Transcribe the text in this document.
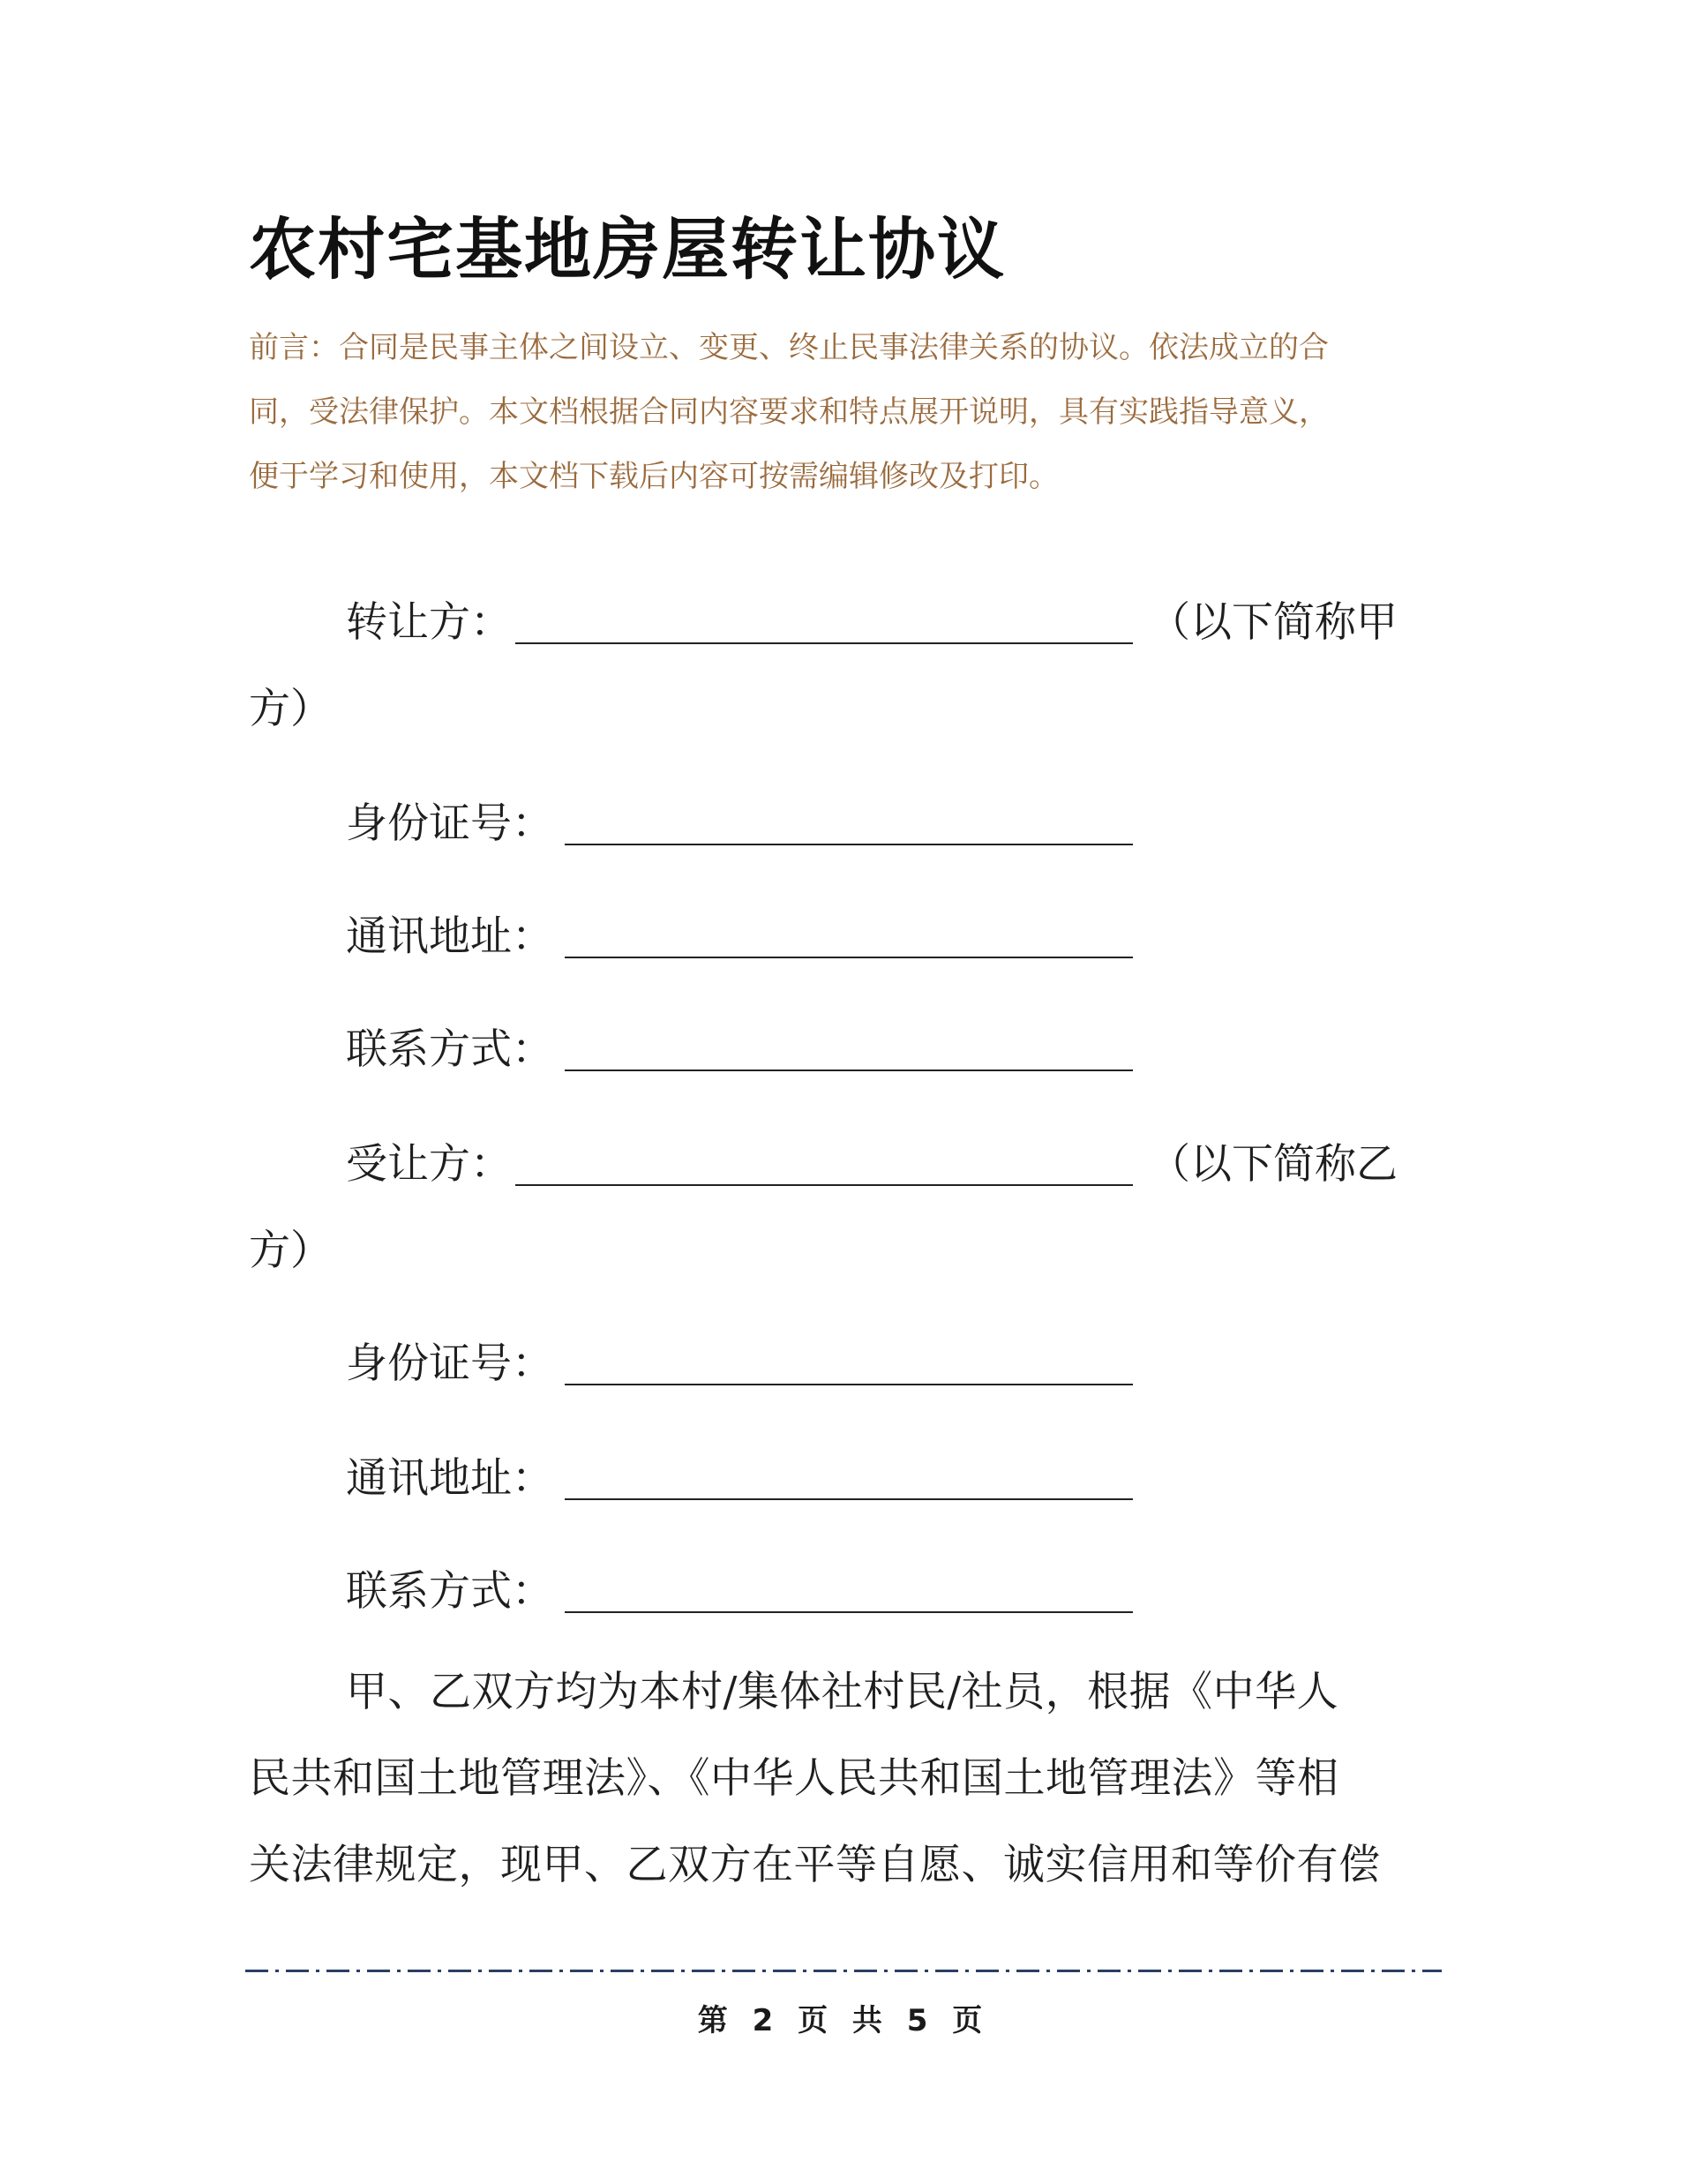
农村宅基地房屋转让协议
前言：合同是民事主体之间设立、变更、终止民事法律关系的协议。依法成立的合
同，受法律保护。本文档根据合同内容要求和特点展开说明，具有实践指导意义，
便于学习和使用，本文档下载后内容可按需编辑修改及打印。
转让方：	（以下简称甲
方）
身份证号：
通讯地址：
联系方式：
受让方：	（以下简称乙
方）
身份证号：
通讯地址：
联系方式：
甲、乙双方均为本村/集体社村民/社员，根据《中华人
民共和国土地管理法》、《中华人民共和国土地管理法》等相
关法律规定，现甲、乙双方在平等自愿、诚实信用和等价有偿
第 2 页 共 5 页
